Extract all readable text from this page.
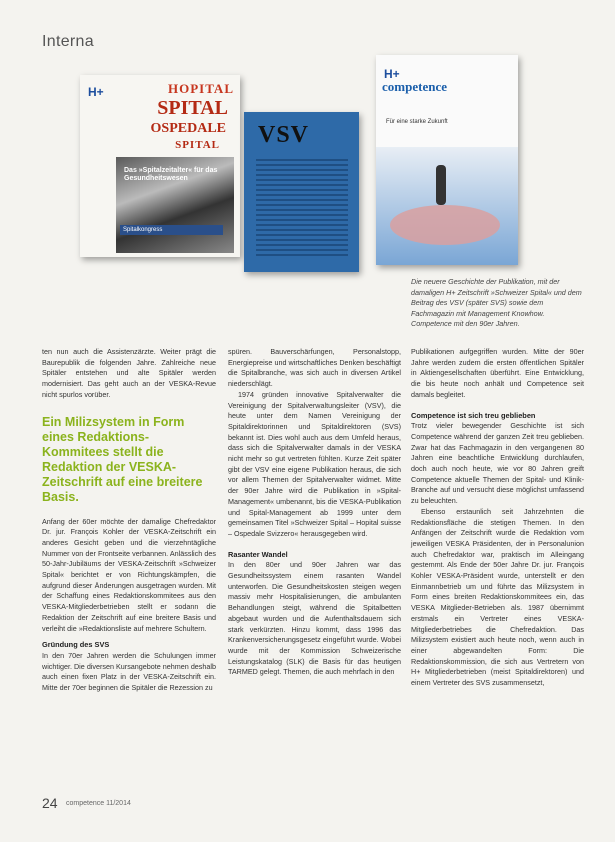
Interna
H+	HOPITAL
SPITAL
OSPEDALE
SPITAL
Das »Spitalzeitalter« für das Gesundheitswesen
Spitalkongress
VSV
H+
competence
Für eine starke Zukunft
Die neuere Geschichte der Publikation, mit der damaligen H+ Zeitschrift »Schweizer Spital« und dem Beitrag des VSV (später SVS) sowie dem Fachmagazin mit Management Knowhow. Competence mit den 90er Jahren.

ten nun auch die Assistenzärzte. Weiter prägt die Baurepublik die folgenden Jahre. Zahlreiche neue Spitäler entstehen und alte Spitäler werden modernisiert. Das geht auch an der VESKA-Revue nicht spurlos vorüber.

Ein Milizsystem in Form eines Redaktions-Kommitees stellt die Redaktion der VESKA-Zeitschrift auf eine breitere Basis.

Anfang der 60er möchte der damalige Chefredaktor Dr. jur. François Kohler der VESKA-Zeitschrift ein anderes Gesicht geben und die vierzehntägliche Nummer von der Frontseite verbannen. Anlässlich des 50-Jahr-Jubiläums der VESKA-Zeitschrift »Schweizer Spital« berichtet er von Richtungskämpfen, die aufgrund dieser Änderungen ausgetragen wurden. Mit der Schaffung eines Redaktionskommitees aus den VESKA-Mitgliederbetrieben stellt er sodann die Redaktion der Zeitschrift auf eine breitere Basis und verleiht die »Redaktionsliste auf mehrere Schultern.

Gründung des SVS

In den 70er Jahren werden die Schulungen immer wichtiger. Die diversen Kursangebote nehmen deshalb auch einen fixen Platz in der VESKA-Zeitschrift ein. Mitte der 70er beginnen die Spitäler die Rezession zu

spüren. Bauverschärfungen, Personalstopp, Energiepreise und wirtschaftliches Denken beschäftigt die Spitalbranche, was sich auch in diversen Artikel niederschlägt.

1974 gründen innovative Spitalverwalter die Vereinigung der Spitalverwaltungsleiter (VSV), die heute unter dem Namen Vereinigung der Spitaldirektorinnen und Spitaldirektoren (SVS) bekannt ist. Dies wohl auch aus dem Umfeld heraus, dass sich die Spitalverwalter damals in der VESKA nicht mehr so gut vertreten fühlten. Kurze Zeit später gibt der VSV eine eigene Publikation heraus, die sich vor allem Themen der Spitalverwalter widmet. Mitte der 90er Jahre wird die Publikation in »Spital-Management« umbenannt, bis die VESKA-Publikation und Spital-Management ab 1999 unter dem gemeinsamen Titel »Schweizer Spital – Hopital suisse – Ospedale Svizzero« herausgegeben wird.

Rasanter Wandel

In den 80er und 90er Jahren war das Gesundheitssystem einem rasanten Wandel unterworfen. Die Gesundheitskosten steigen wegen massiv mehr Hospitalisierungen, die ambulanten Behandlungen steigt, während die Spitalbetten abgebaut wurden und die Aufenthaltsdauern sich stark verkürzten. Hinzu kommt, dass 1996 das Krankenversicherungsgesetz eingeführt wurde. Wobei wurde mit der Kommission Schweizerische Leistungskatalog (SLK) die Basis für das heutigen TARMED gelegt. Themen, die auch mehrfach in den

Publikationen aufgegriffen wurden. Mitte der 90er Jahre werden zudem die ersten öffentlichen Spitäler in Aktiengesellschaften überführt. Eine Entwicklung, die bis heute noch anhält und Competence seit damals begleitet.

Competence ist sich treu geblieben

Trotz vieler bewegender Geschichte ist sich Competence während der ganzen Zeit treu geblieben. Zwar hat das Fachmagazin in den vergangenen 80 Jahren eine beachtliche Entwicklung durchlaufen, doch auch noch heute, wie vor 80 Jahren greift Competence aktuelle Themen der Spital- und Klinik-Branche auf und versucht diese möglichst umfassend zu beleuchten.

Ebenso erstaunlich seit Jahrzehnten die Redaktionsfläche die stetigen Themen. In den Anfängen der Zeitschrift wurde die Redaktion vom jeweiligen VESKA Präsidenten, der in Personalunion auch Chefredaktor war, praktisch im Alleingang gestemmt. Als Ende der 50er Jahre Dr. jur. François Kohler VESKA-Präsident wurde, unterstellt er den Einmannbetrieb um und führte das Milizsystem in Form eines breiten Redaktionskommitees ein, das VESKA Mitglieder-Betrieben als. 1987 übernimmt erstmals ein Vertreter eines VESKA-Mitgliederbetriebes die Chefredaktion. Das Milizsystem existiert auch heute noch, wenn auch in einer abgewandelten Form: Die Redaktionskommission, die sich aus Vertretern von H+ Mitgliederbetrieben (meist Spitaldirektoren) und einem Vertreter des SVS zusammensetzt,

24 competence 11/2014
